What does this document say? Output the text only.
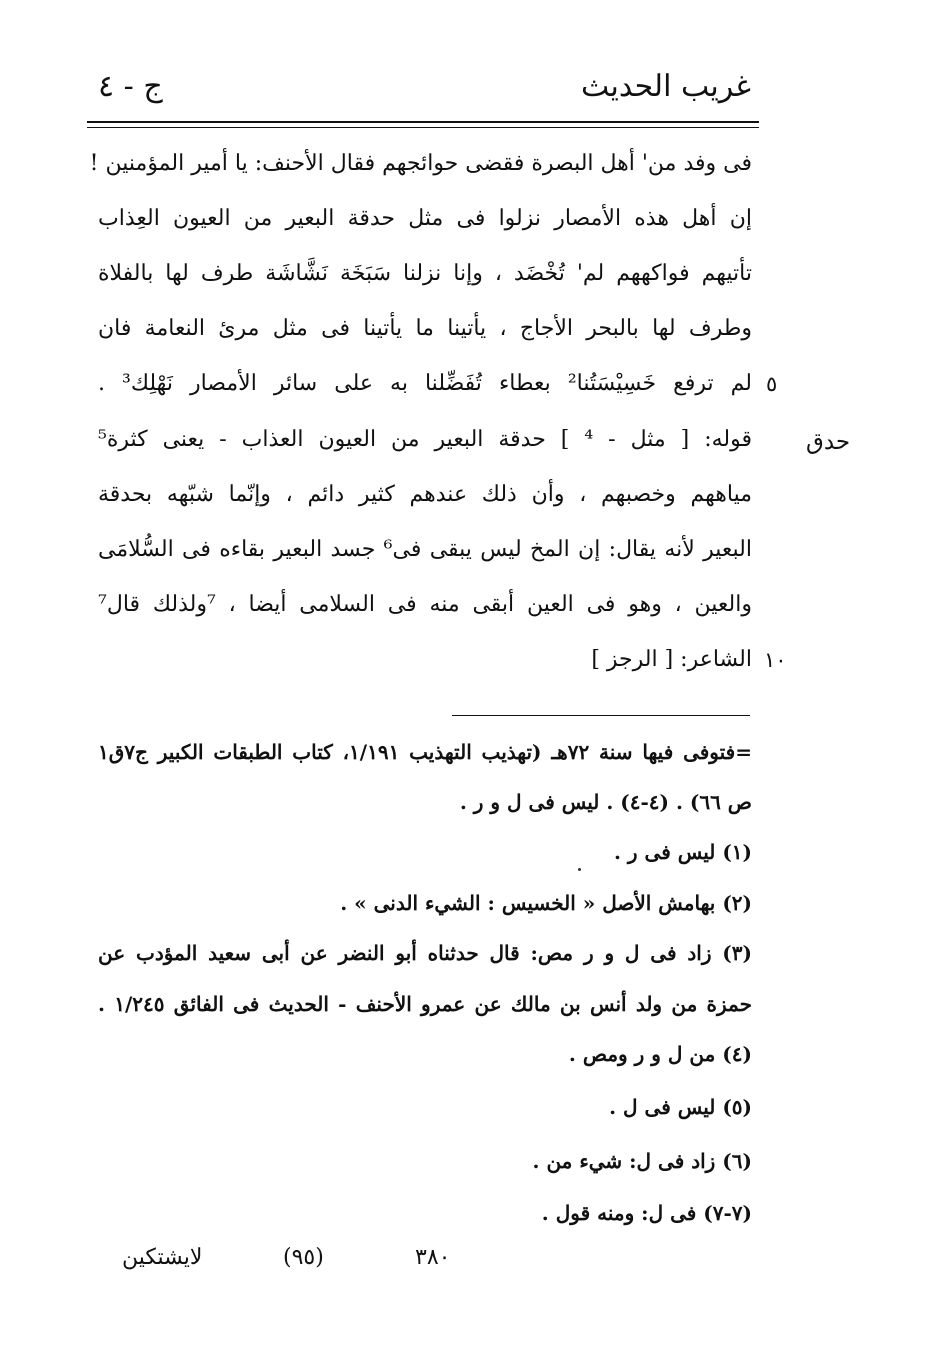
غريب الحديث
ج - ٤
فى وفد من' أهل البصرة فقضى حوائجهم فقال الأحنف: يا أمير المؤمنين !
إن أهل هذه الأمصار نزلوا فى مثل حدقة البعير من العيون العِذاب
تأتيهم فواكههم لم' تُخْضَد ، وإنا نزلنا سَبَخَة نَشَّاشَة طرف لها بالفلاة
وطرف لها بالبحر الأجاج ، يأتينا ما يأتينا فى مثل مرئ النعامة فان
لم ترفع خَسِيْسَتُنا² بعطاء تُفَضِّلنا به على سائر الأمصار نَهْلِك³ .
قوله: [ مثل - ⁴ ] حدقة البعير من العيون العذاب - يعنى كثرة⁵
مياههم وخصبهم ، وأن ذلك عندهم كثير دائم ، وإنّما شبّهه بحدقة
البعير لأنه يقال: إن المخ ليس يبقى فى⁶ جسد البعير بقاءه فى السُّلامَى
والعين ، وهو فى العين أبقى منه فى السلامى أيضا ، ⁷ولذلك قال⁷
الشاعر: [ الرجز ]
٥
١٠
حدق
=فتوفى فيها سنة ٧٢هـ (تهذيب التهذيب ١/١٩١، كتاب الطبقات الكبير ج٧ق١
ص ٦٦) . (٤-٤) . ليس فى ل و ر .
(١) ليس فى ر .
(٢) بهامش الأصل « الخسيس : الشيء الدنى » .
(٣) زاد فى ل و ر مص: قال حدثناه أبو النضر عن أبى سعيد المؤدب عن
حمزة من ولد أنس بن مالك عن عمرو الأحنف - الحديث فى الفائق ١/٢٤٥ .
(٤) من ل و ر ومص .
(٥) ليس فى ل .
(٦) زاد فى ل: شيء من .
(٧-٧) فى ل: ومنه قول .
٣٨٠
(٩٥)
لايشتكين
